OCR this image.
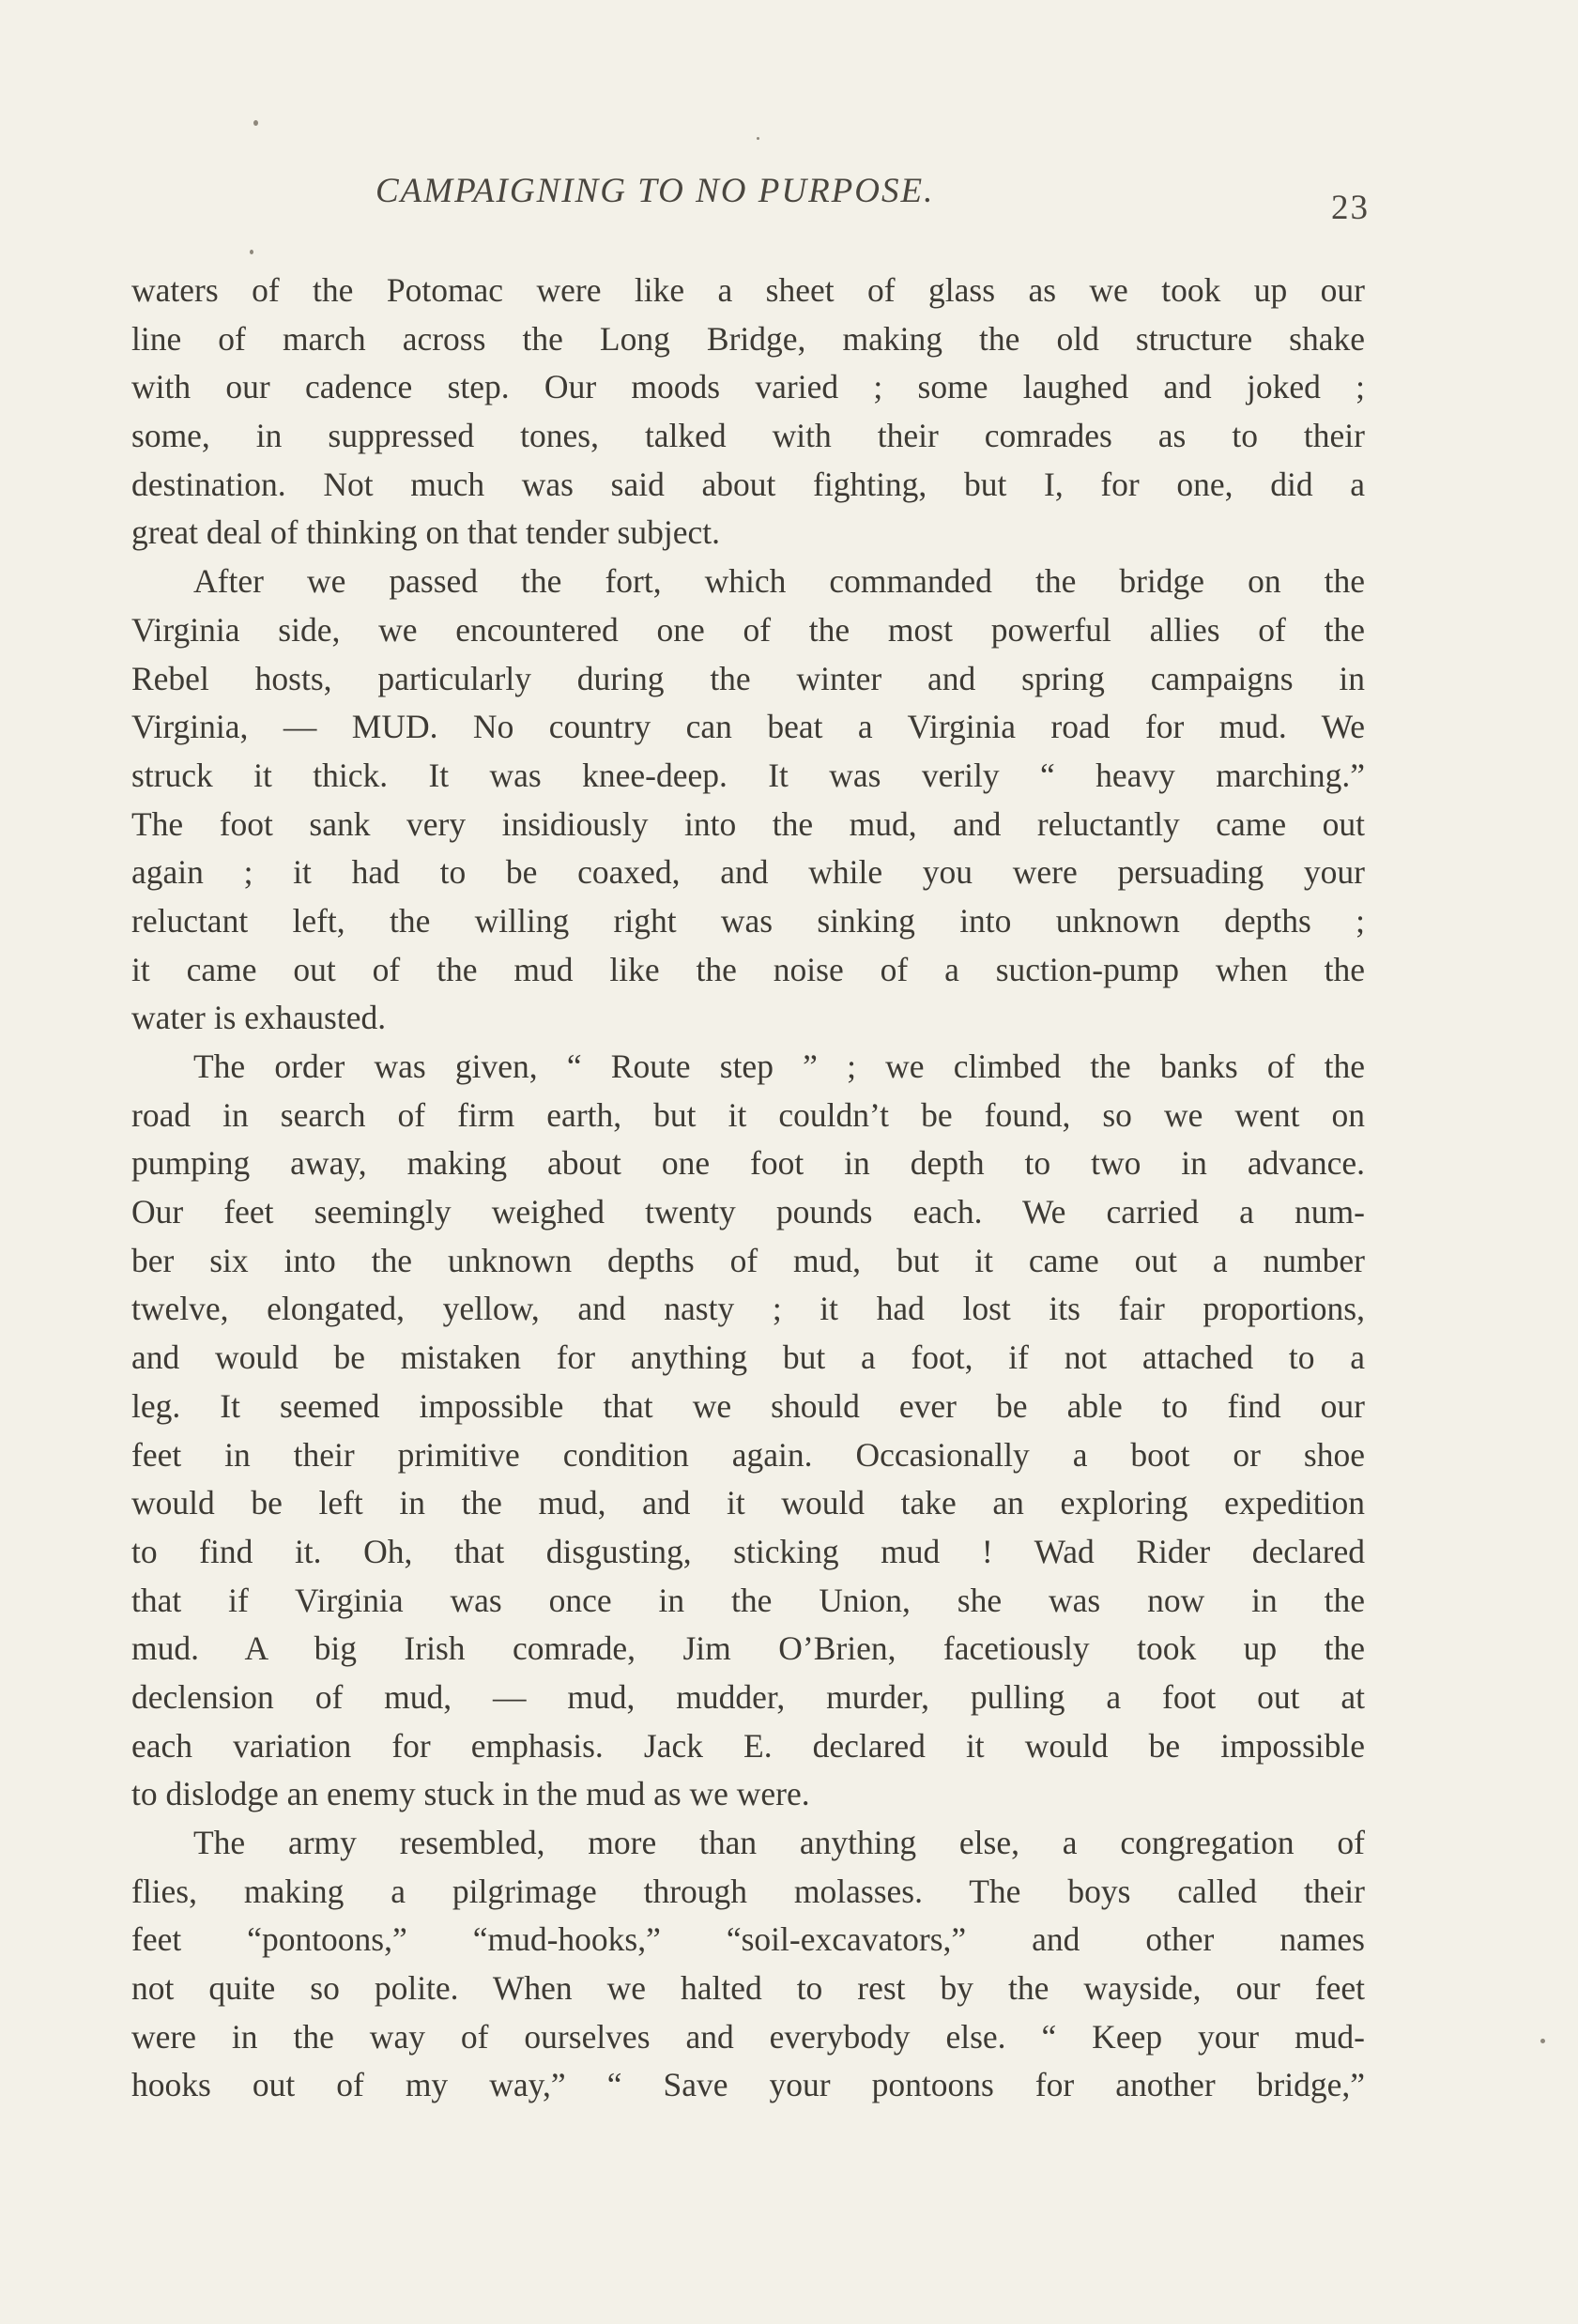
CAMPAIGNING TO NO PURPOSE.	23
waters of the Potomac were like a sheet of glass as we took up our
line of march across the Long Bridge, making the old structure shake
with our cadence step. Our moods varied ; some laughed and joked ;
some, in suppressed tones, talked with their comrades as to their
destination. Not much was said about fighting, but I, for one, did a
great deal of thinking on that tender subject.
After we passed the fort, which commanded the bridge on the
Virginia side, we encountered one of the most powerful allies of the
Rebel hosts, particularly during the winter and spring campaigns in
Virginia, — MUD. No country can beat a Virginia road for mud. We
struck it thick. It was knee-deep. It was verily “ heavy marching.”
The foot sank very insidiously into the mud, and reluctantly came out
again ; it had to be coaxed, and while you were persuading your
reluctant left, the willing right was sinking into unknown depths ;
it came out of the mud like the noise of a suction-pump when the
water is exhausted.
The order was given, “ Route step ” ; we climbed the banks of the
road in search of firm earth, but it couldn’t be found, so we went on
pumping away, making about one foot in depth to two in advance.
Our feet seemingly weighed twenty pounds each. We carried a num-
ber six into the unknown depths of mud, but it came out a number
twelve, elongated, yellow, and nasty ; it had lost its fair proportions,
and would be mistaken for anything but a foot, if not attached to a
leg. It seemed impossible that we should ever be able to find our
feet in their primitive condition again. Occasionally a boot or shoe
would be left in the mud, and it would take an exploring expedition
to find it. Oh, that disgusting, sticking mud ! Wad Rider declared
that if Virginia was once in the Union, she was now in the
mud. A big Irish comrade, Jim O’Brien, facetiously took up the
declension of mud, — mud, mudder, murder, pulling a foot out at
each variation for emphasis. Jack E. declared it would be impossible
to dislodge an enemy stuck in the mud as we were.
The army resembled, more than anything else, a congregation of
flies, making a pilgrimage through molasses. The boys called their
feet “pontoons,” “mud-hooks,” “soil-excavators,” and other names
not quite so polite. When we halted to rest by the wayside, our feet
were in the way of ourselves and everybody else. “ Keep your mud-
hooks out of my way,” “ Save your pontoons for another bridge,”
